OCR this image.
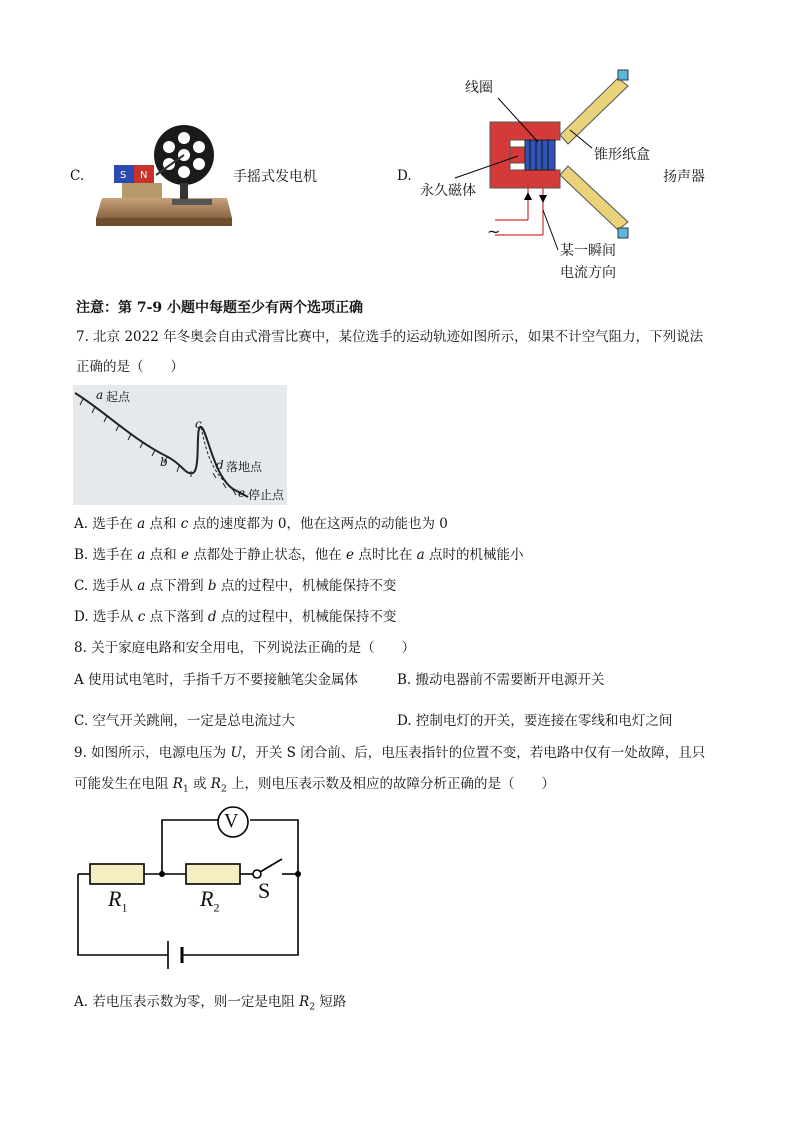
C.	S N	手摇式发电机	D.
线圈
锥形纸盒
永久磁体
~
某一瞬间
电流方向
扬声器
注意：第 7-9 小题中每题至少有两个选项正确
7. 北京 2022 年冬奥会自由式滑雪比赛中，某位选手的运动轨迹如图所示，如果不计空气阻力，下列说法
正确的是（　　）
a 起点
b
c
d 落地点
e 停止点
A. 选手在 a 点和 c 点的速度都为 0，他在这两点的动能也为 0
B. 选手在 a 点和 e 点都处于静止状态，他在 e 点时比在 a 点时的机械能小
C. 选手从 a 点下滑到 b 点的过程中，机械能保持不变
D. 选手从 c 点下落到 d 点的过程中，机械能保持不变
8. 关于家庭电路和安全用电，下列说法正确的是（　　）
A 使用试电笔时，手指千万不要接触笔尖金属体	B. 搬动电器前不需要断开电源开关
C. 空气开关跳闸，一定是总电流过大	D. 控制电灯的开关，要连接在零线和电灯之间
9. 如图所示，电源电压为 U，开关 S 闭合前、后，电压表指针的位置不变，若电路中仅有一处故障，且只
可能发生在电阻 $R_1$ 或 $R_2$ 上，则电压表示数及相应的故障分析正确的是（　　）
V
$R_1$	$R_2$
S
A. 若电压表示数为零，则一定是电阻 $R_2$ 短路
